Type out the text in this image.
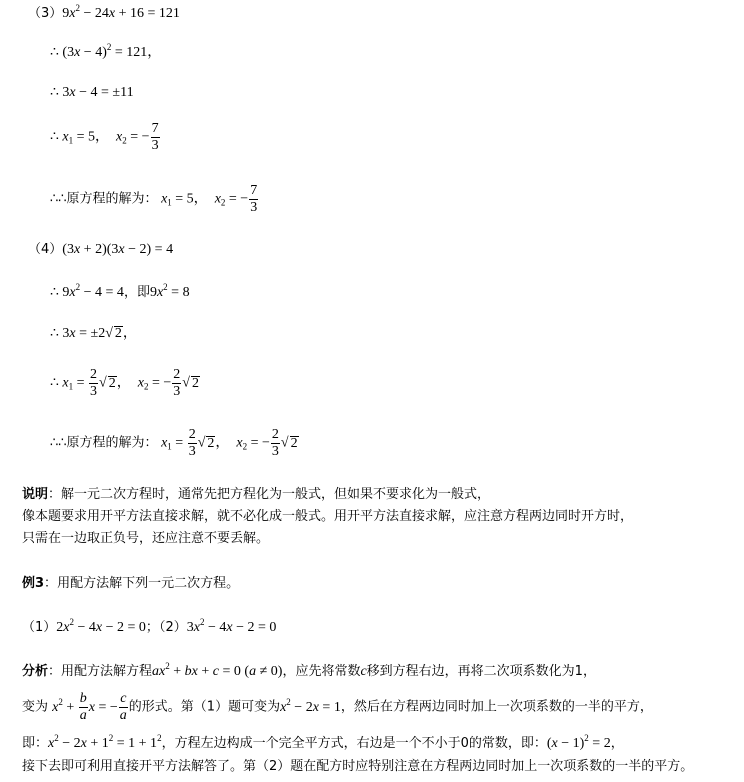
$(3)9x^2 - 24x + 16 = 121$
∴ $(3x - 4)^2 = 121$，
∴ 3x − 4 = ±11
∴ $x_1 = 5$，  $x_2$ = − $\frac{7}{3}$
∴∴原方程的解为： $x_1 = 5$，  $x_2$ = − $\frac{7}{3}$
（4）(3x + 2)(3x − 2) = 4
∴ $9x^2 - 4 = 4$，即$9x^2 = 8$
∴ 3x = ±2√ 2，
∴ $x_1 = \frac{2}{3}$ √ 2，  $x_2$ = − $\frac{2}{3}$ √ 2
∴∴原方程的解为： $x_1 = \frac{2}{3}$ √ 2，  $x_2$ = − $\frac{2}{3}$ √ 2
说明：解一元二次方程时，通常先把方程化为一般式，但如果不要求化为一般式，
像本题要求用开平方法直接求解，就不必化成一般式。用开平方法直接求解，应注意方程两边同时开方时，
只需在一边取正负号，还应注意不要丢解。
例3：用配方法解下列一元二次方程。
$(1)2x^2 - 4x - 2 = 0$；$(2)3x^2 - 4x - 2 = 0$
分析：用配方法解方程$ax^2$ + bx + c = 0 (a ≠ 0)，应先将常数c移到方程右边，再将二次项系数化为1，
变为 $x^2 + \frac{b}{a}$ x = − $\frac{c}{a}$ 的形式。第（1）题可变为$x^2 - 2x = 1$，然后在方程两边同时加上一次项系数的一半的平方，
即：$x^2 - 2x + 1^2 = 1 + 1^2$，方程左边构成一个完全平方式，右边是一个不小于0的常数，即：$(x - 1)^2 = 2$，
接下去即可利用直接开平方法解答了。第（2）题在配方时应特别注意在方程两边同时加上一次项系数的一半的平方。
